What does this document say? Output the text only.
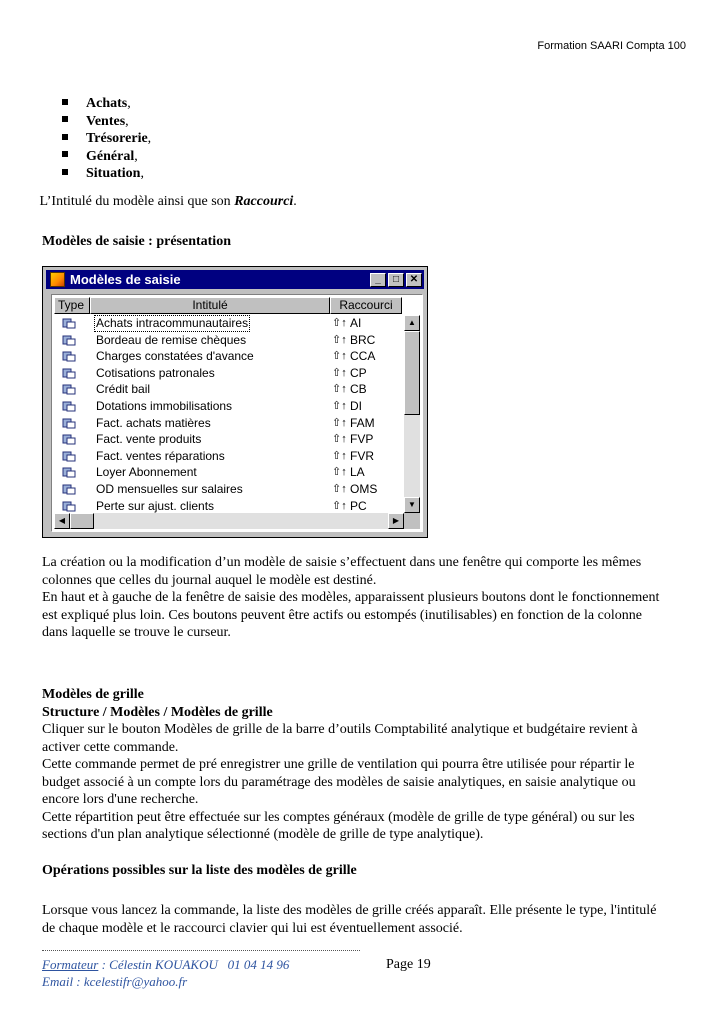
Formation SAARI Compta 100
Achats,
Ventes,
Trésorerie,
Général,
Situation,
L’Intitulé du modèle ainsi que son Raccourci.
Modèles de saisie : présentation
Modèles de saisie	_	□	✕
Type	Intitulé	Raccourci
Achats intracommunautaires	⇧↑ AI
Bordeau de remise chèques	⇧↑ BRC
Charges constatées d'avance	⇧↑ CCA
Cotisations patronales	⇧↑ CP
Crédit bail	⇧↑ CB
Dotations immobilisations	⇧↑ DI
Fact. achats matières	⇧↑ FAM
Fact. vente produits	⇧↑ FVP
Fact. ventes réparations	⇧↑ FVR
Loyer Abonnement	⇧↑ LA
OD mensuelles sur salaires	⇧↑ OMS
Perte sur ajust. clients	⇧↑ PC
▲
▼
◀	▶

La création ou la modification d’un modèle de saisie s’effectuent dans une fenêtre qui comporte les mêmes

colonnes que celles du journal auquel le modèle est destiné.

En haut et à gauche de la fenêtre de saisie des modèles, apparaissent plusieurs boutons dont le fonctionnement

est expliqué plus loin. Ces boutons peuvent être actifs ou estompés (inutilisables) en fonction de la colonne

dans laquelle se trouve le curseur.

Modèles de grille

Structure / Modèles / Modèles de grille

Cliquer sur le bouton Modèles de grille de la barre d’outils Comptabilité analytique et budgétaire revient à

activer cette commande.

Cette commande permet de pré enregistrer une grille de ventilation qui pourra être utilisée pour répartir le

budget associé à un compte lors du paramétrage des modèles de saisie analytiques, en saisie analytique ou

encore lors d'une recherche.

Cette répartition peut être effectuée sur les comptes généraux (modèle de grille de type général) ou sur les

sections d'un plan analytique sélectionné (modèle de grille de type analytique).

Opérations possibles sur la liste des modèles de grille

Lorsque vous lancez la commande, la liste des modèles de grille créés apparaît. Elle présente le type, l'intitulé

de chaque modèle et le raccourci clavier qui lui est éventuellement associé.

Formateur : Célestin KOUAKOU   01 04 14 96
Email : kcelestifr@yahoo.fr
Page 19
